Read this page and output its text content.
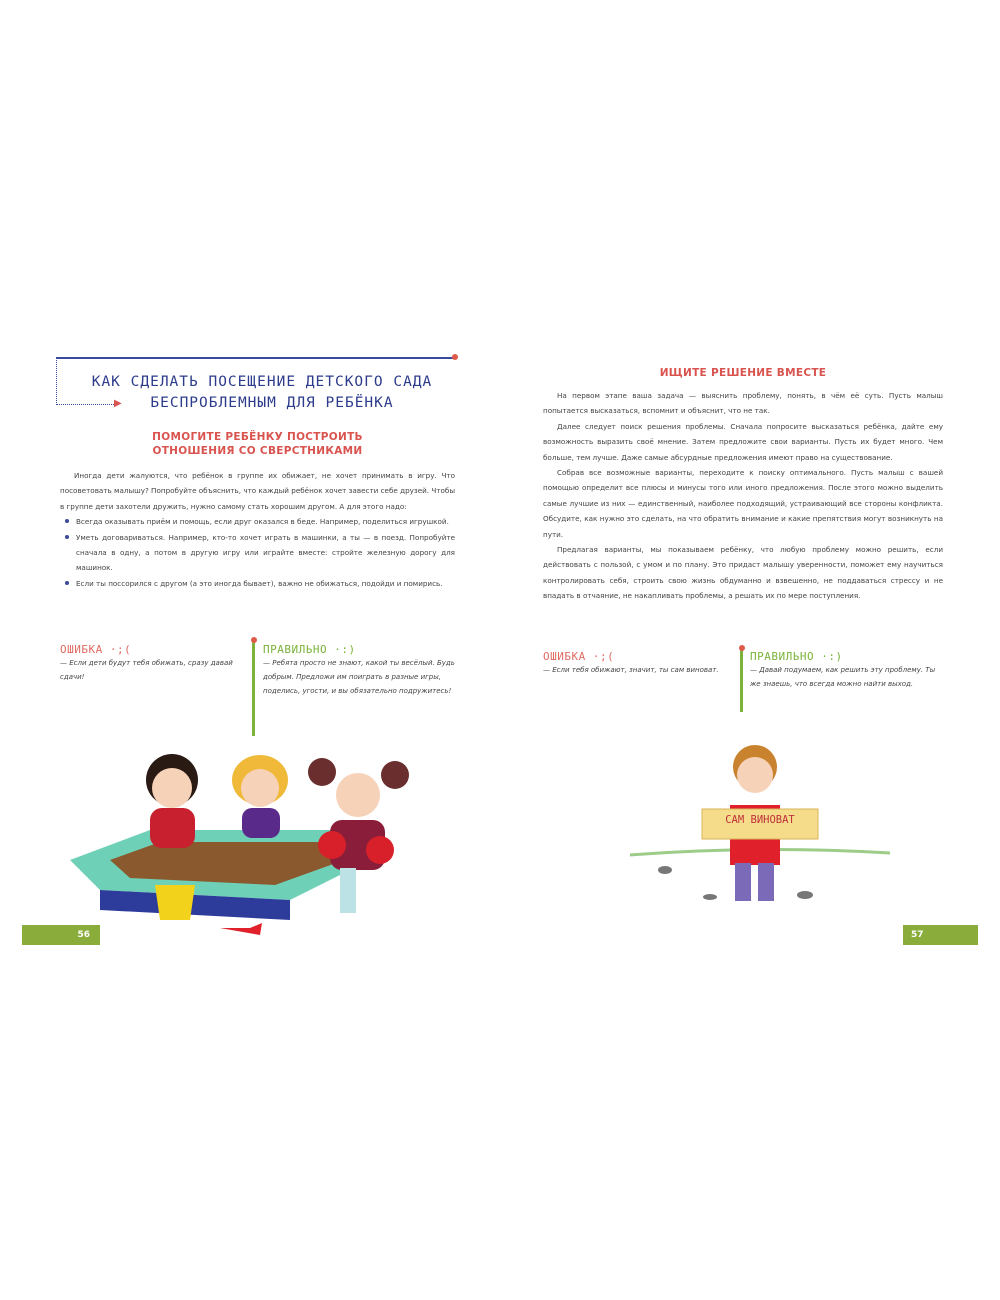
▶
КАК СДЕЛАТЬ ПОСЕЩЕНИЕ ДЕТСКОГО САДА
БЕСПРОБЛЕМНЫМ ДЛЯ РЕБЁНКА
ПОМОГИТЕ РЕБЁНКУ ПОСТРОИТЬ
ОТНОШЕНИЯ СО СВЕРСТНИКАМИ

Иногда дети жалуются, что ребёнок в группе их обижает, не хочет принимать в игру. Что посоветовать малышу? Попробуйте объяснить, что каждый ребёнок хочет завести себе друзей. Чтобы в группе дети захотели дружить, нужно самому стать хорошим другом. А для этого надо:

Всегда оказывать приём и помощь, если друг оказался в беде. Например, поделиться игрушкой.
Уметь договариваться. Например, кто-то хочет играть в машинки, а ты — в поезд. Попробуйте сначала в одну, а потом в другую игру или играйте вместе: стройте железную дорогу для машинок.
Если ты поссорился с другом (а это иногда бывает), важно не обижаться, подойди и помирись.
ОШИБКА ·;(
— Если дети будут тебя обижать, сразу давай сдачи!
ПРАВИЛЬНО ·:)
— Ребята просто не знают, какой ты весёлый. Будь добрым. Предложи им поиграть в разные игры, поделись, угости, и вы обязательно подружитесь!
56
ИЩИТЕ РЕШЕНИЕ ВМЕСТЕ

На первом этапе ваша задача — выяснить проблему, понять, в чём её суть. Пусть малыш попытается высказаться, вспомнит и объяснит, что не так.

Далее следует поиск решения проблемы. Сначала попросите высказаться ребёнка, дайте ему возможность выразить своё мнение. Затем предложите свои варианты. Пусть их будет много. Чем больше, тем лучше. Даже самые абсурдные предложения имеют право на существование.

Собрав все возможные варианты, переходите к поиску оптимального. Пусть малыш с вашей помощью определит все плюсы и минусы того или иного предложения. После этого можно выделить самые лучшие из них — единственный, наиболее подходящий, устраивающий все стороны конфликта. Обсудите, как нужно это сделать, на что обратить внимание и какие препятствия могут возникнуть на пути.

Предлагая варианты, мы показываем ребёнку, что любую проблему можно решить, если действовать с пользой, с умом и по плану. Это придаст малышу уверенности, поможет ему научиться контролировать себя, строить свою жизнь обдуманно и взвешенно, не поддаваться стрессу и не впадать в отчаяние, не накапливать проблемы, а решать их по мере поступления.

ОШИБКА ·;(
— Если тебя обижают, значит, ты сам виноват.
ПРАВИЛЬНО ·:)
— Давай подумаем, как решить эту проблему. Ты же знаешь, что всегда можно найти выход.
САМ ВИНОВАТ
57
